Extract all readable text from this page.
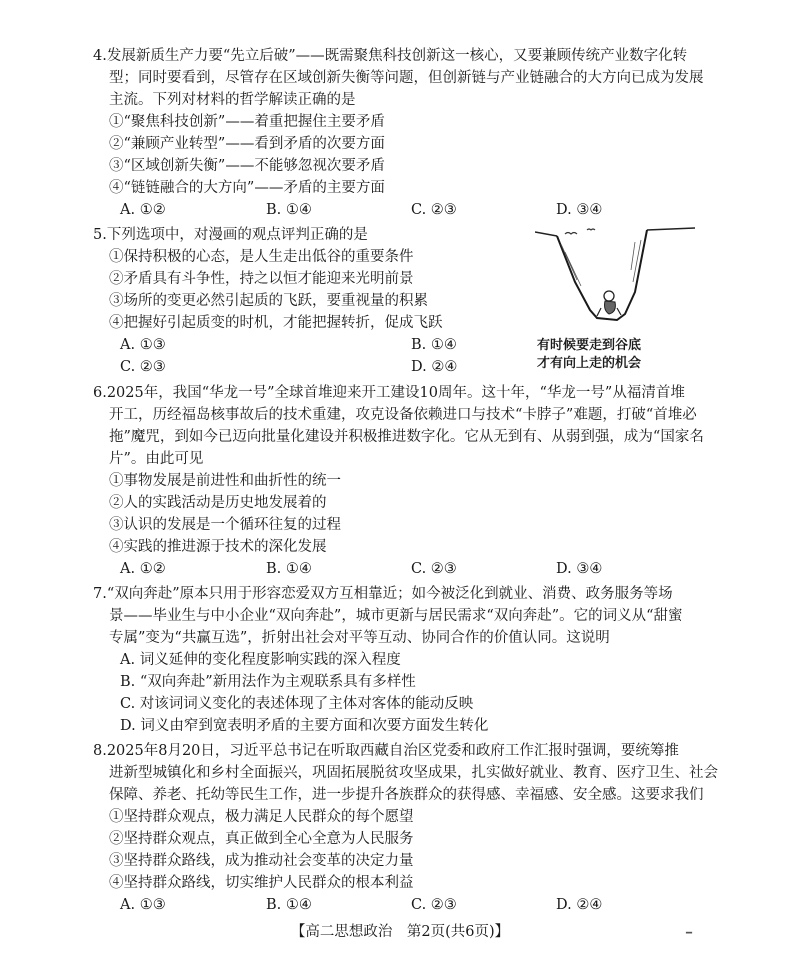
4.发展新质生产力要“先立后破”——既需聚焦科技创新这一核心，又要兼顾传统产业数字化转
型；同时要看到，尽管存在区域创新失衡等问题，但创新链与产业链融合的大方向已成为发展
主流。下列对材料的哲学解读正确的是
①“聚焦科技创新”——着重把握住主要矛盾
②“兼顾产业转型”——看到矛盾的次要方面
③“区域创新失衡”——不能够忽视次要矛盾
④“链链融合的大方向”——矛盾的主要方面
A. ①②	B. ①④	C. ②③	D. ③④
5.下列选项中，对漫画的观点评判正确的是
①保持积极的心态，是人生走出低谷的重要条件
②矛盾具有斗争性，持之以恒才能迎来光明前景
③场所的变更必然引起质的飞跃，要重视量的积累
④把握好引起质变的时机，才能把握转折，促成飞跃
A. ①③	B. ①④
C. ②③	D. ②④
有时候要走到谷底
才有向上走的机会
6.2025年，我国“华龙一号”全球首堆迎来开工建设10周年。这十年，“华龙一号”从福清首堆
开工，历经福岛核事故后的技术重建，攻克设备依赖进口与技术“卡脖子”难题，打破“首堆必
拖”魔咒，到如今已迈向批量化建设并积极推进数字化。它从无到有、从弱到强，成为“国家名
片”。由此可见
①事物发展是前进性和曲折性的统一
②人的实践活动是历史地发展着的
③认识的发展是一个循环往复的过程
④实践的推进源于技术的深化发展
A. ①②	B. ①④	C. ②③	D. ③④
7.“双向奔赴”原本只用于形容恋爱双方互相靠近；如今被泛化到就业、消费、政务服务等场
景——毕业生与中小企业“双向奔赴”，城市更新与居民需求“双向奔赴”。它的词义从“甜蜜
专属”变为“共赢互选”，折射出社会对平等互动、协同合作的价值认同。这说明
A. 词义延伸的变化程度影响实践的深入程度
B. “双向奔赴”新用法作为主观联系具有多样性
C. 对该词词义变化的表述体现了主体对客体的能动反映
D. 词义由窄到宽表明矛盾的主要方面和次要方面发生转化
8.2025年8月20日，习近平总书记在听取西藏自治区党委和政府工作汇报时强调，要统筹推
进新型城镇化和乡村全面振兴，巩固拓展脱贫攻坚成果，扎实做好就业、教育、医疗卫生、社会
保障、养老、托幼等民生工作，进一步提升各族群众的获得感、幸福感、安全感。这要求我们
①坚持群众观点，极力满足人民群众的每个愿望
②坚持群众观点，真正做到全心全意为人民服务
③坚持群众路线，成为推动社会变革的决定力量
④坚持群众路线，切实维护人民群众的根本利益
A. ①③	B. ①④	C. ②③	D. ②④
【高二思想政治　第2页(共6页)】	━
